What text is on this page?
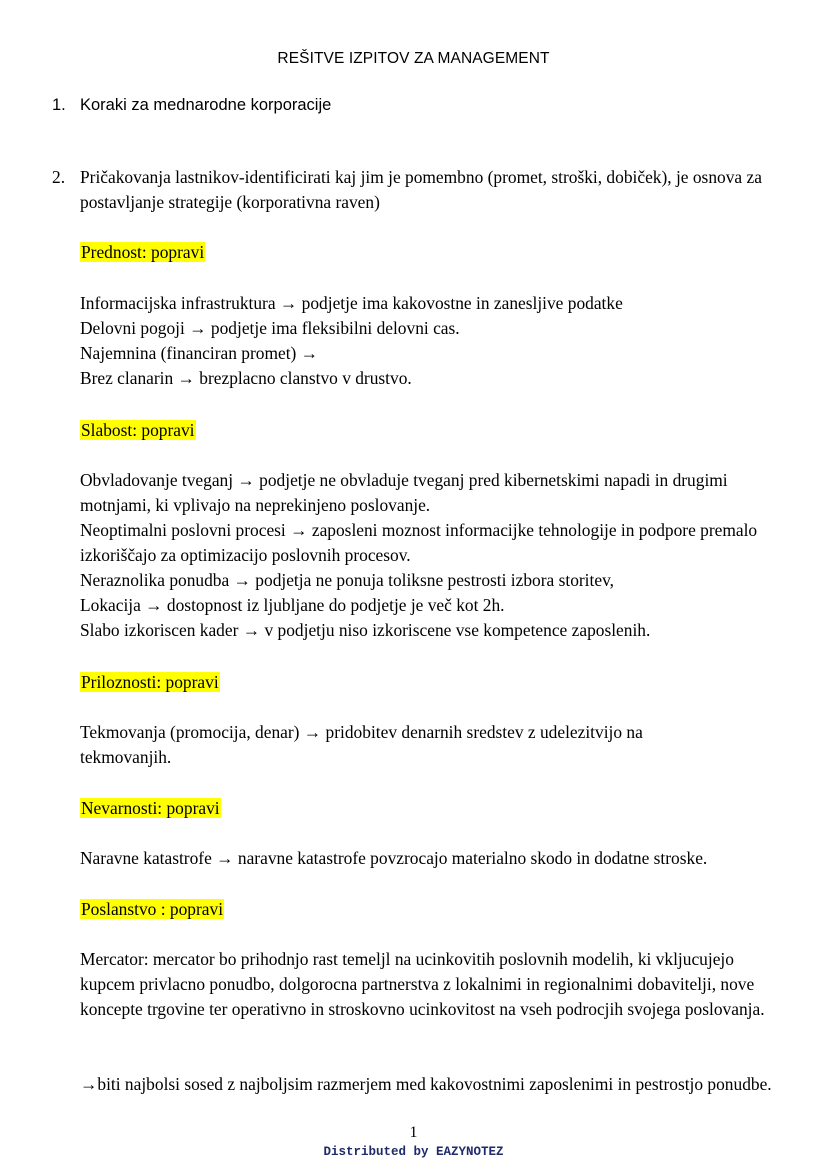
REŠITVE IZPITOV ZA MANAGEMENT
1. Koraki za mednarodne korporacije
2. Pričakovanja lastnikov-identificirati kaj jim je pomembno (promet, stroški, dobiček), je osnova za postavljanje strategije (korporativna raven)
Prednost: popravi
Informacijska infrastruktura → podjetje ima kakovostne in zanesljive podatke
Delovni pogoji → podjetje ima fleksibilni delovni cas.
Najemnina (financiran promet) →
Brez clanarin → brezplacno clanstvo v drustvo.
Slabost: popravi
Obvladovanje tveganj → podjetje ne obvladuje tveganj pred kibernetskimi napadi in drugimi motnjami, ki vplivajo na neprekinjeno poslovanje.
Neoptimalni poslovni procesi → zaposleni moznost informacijke tehnologije in podpore premalo izkoriščajo za optimizacijo poslovnih procesov.
Neraznolika ponudba → podjetja ne ponuja toliksne pestrosti izbora storitev,
Lokacija → dostopnost iz ljubljane do podjetje je več kot 2h.
Slabo izkoriscen kader → v podjetju niso izkoriscene vse kompetence zaposlenih.
Priloznosti: popravi
Tekmovanja (promocija, denar) → pridobitev denarnih sredstev z udelezitvijo na tekmovanjih.
Nevarnosti: popravi
Naravne katastrofe → naravne katastrofe povzrocajo materialno skodo in dodatne stroske.
Poslanstvo : popravi
Mercator: mercator bo prihodnjo rast temeljl na ucinkovitih poslovnih modelih, ki vkljucujejo kupcem privlacno ponudbo, dolgorocna partnerstva z lokalnimi in regionalnimi dobavitelji, nove koncepte trgovine ter operativno in stroskovno ucinkovitost na vseh podrocjih svojega poslovanja.
→biti najbolsi sosed z najboljsim razmerjem med kakovostnimi zaposlenimi in pestrostjo ponudbe.
1
Distributed by EAZYNOTEZ
